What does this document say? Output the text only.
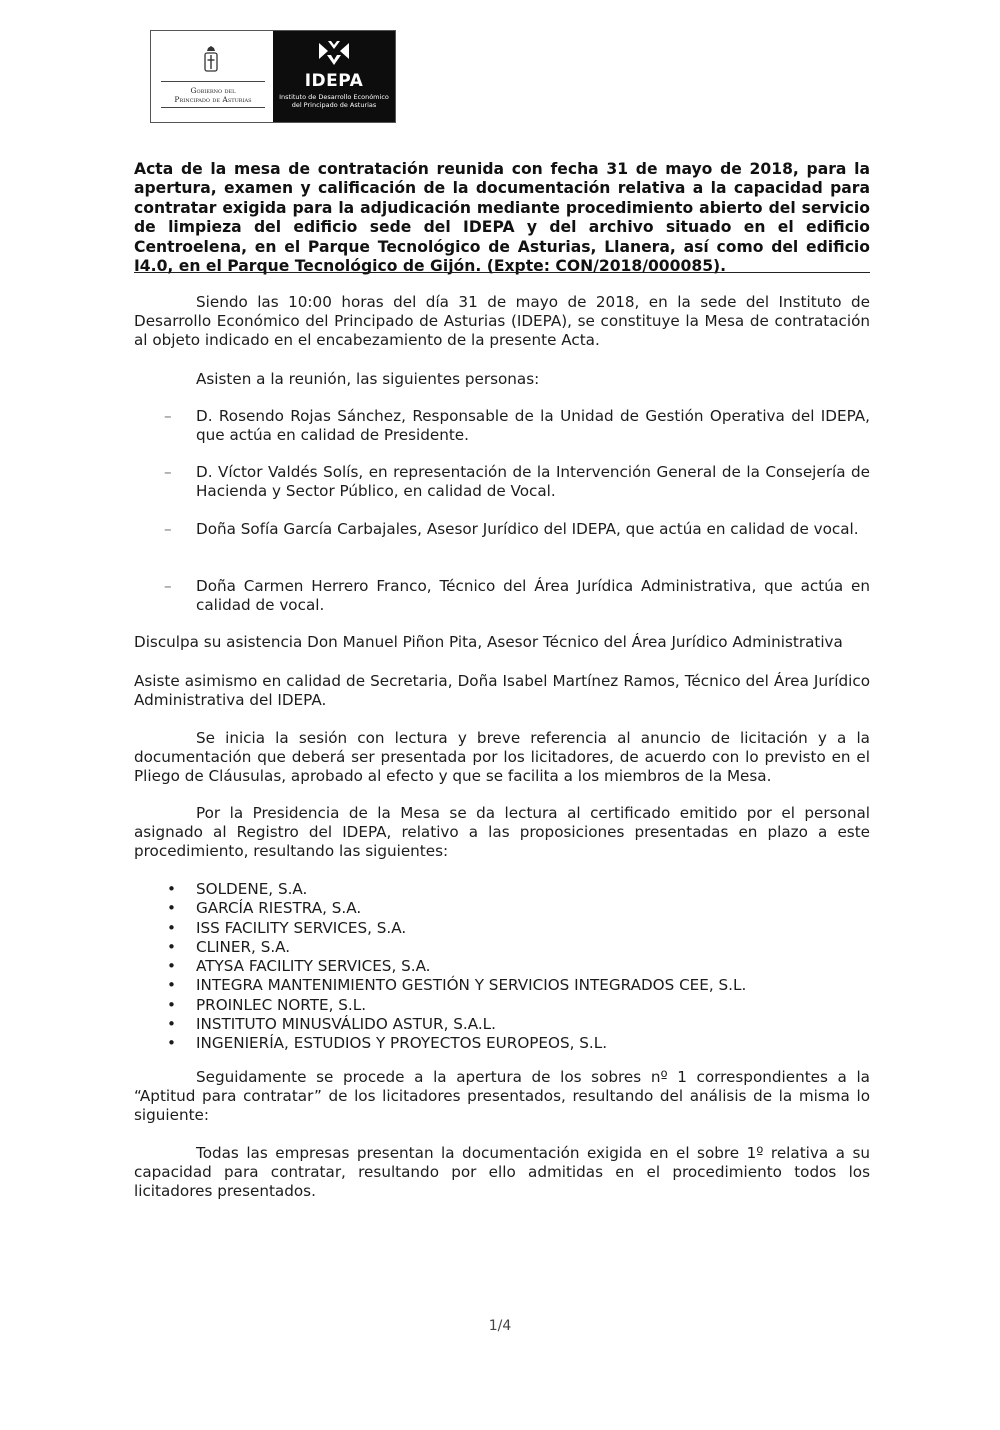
Gobierno del
Principado de Asturias
IDEPA
Instituto de Desarrollo Económico
del Principado de Asturias
Acta de la mesa de contratación reunida con fecha 31 de mayo de 2018, para la apertura, examen y calificación de la documentación relativa a la capacidad para contratar exigida para la adjudicación mediante procedimiento abierto del servicio de limpieza del edificio sede del IDEPA y del archivo situado en el edificio Centroelena, en el Parque Tecnológico de Asturias, Llanera, así como del edificio I4.0, en el Parque Tecnológico de Gijón. (Expte: CON/2018/000085).

Siendo las 10:00 horas del día 31 de mayo de 2018, en la sede del Instituto de Desarrollo Económico del Principado de Asturias (IDEPA), se constituye la Mesa de contratación al objeto indicado en el encabezamiento de la presente Acta.

Asisten a la reunión, las siguientes personas:

– D. Rosendo Rojas Sánchez, Responsable de la Unidad de Gestión Operativa del IDEPA, que actúa en calidad de Presidente.
– D. Víctor Valdés Solís, en representación de la Intervención General de la Consejería de Hacienda y Sector Público, en calidad de Vocal.
– Doña Sofía García Carbajales, Asesor Jurídico del IDEPA, que actúa en calidad de vocal.
– Doña Carmen Herrero Franco, Técnico del Área Jurídica Administrativa, que actúa en calidad de vocal.

Disculpa su asistencia Don Manuel Piñon Pita, Asesor Técnico del Área Jurídico Administrativa

Asiste asimismo en calidad de Secretaria, Doña Isabel Martínez Ramos, Técnico del Área Jurídico Administrativa del IDEPA.

Se inicia la sesión con lectura y breve referencia al anuncio de licitación y a la documentación que deberá ser presentada por los licitadores, de acuerdo con lo previsto en el Pliego de Cláusulas, aprobado al efecto y que se facilita a los miembros de la Mesa.

Por la Presidencia de la Mesa se da lectura al certificado emitido por el personal asignado al Registro del IDEPA, relativo a las proposiciones presentadas en plazo a este procedimiento, resultando las siguientes:

• SOLDENE, S.A.
• GARCÍA RIESTRA, S.A.
• ISS FACILITY SERVICES, S.A.
• CLINER, S.A.
• ATYSA FACILITY SERVICES, S.A.
• INTEGRA MANTENIMIENTO GESTIÓN Y SERVICIOS INTEGRADOS CEE, S.L.
• PROINLEC NORTE, S.L.
• INSTITUTO MINUSVÁLIDO ASTUR, S.A.L.
• INGENIERÍA, ESTUDIOS Y PROYECTOS EUROPEOS, S.L.

Seguidamente se procede a la apertura de los sobres nº 1 correspondientes a la “Aptitud para contratar” de los licitadores presentados, resultando del análisis de la misma lo siguiente:

Todas las empresas presentan la documentación exigida en el sobre 1º relativa a su capacidad para contratar, resultando por ello admitidas en el procedimiento todos los licitadores presentados.

1/4
